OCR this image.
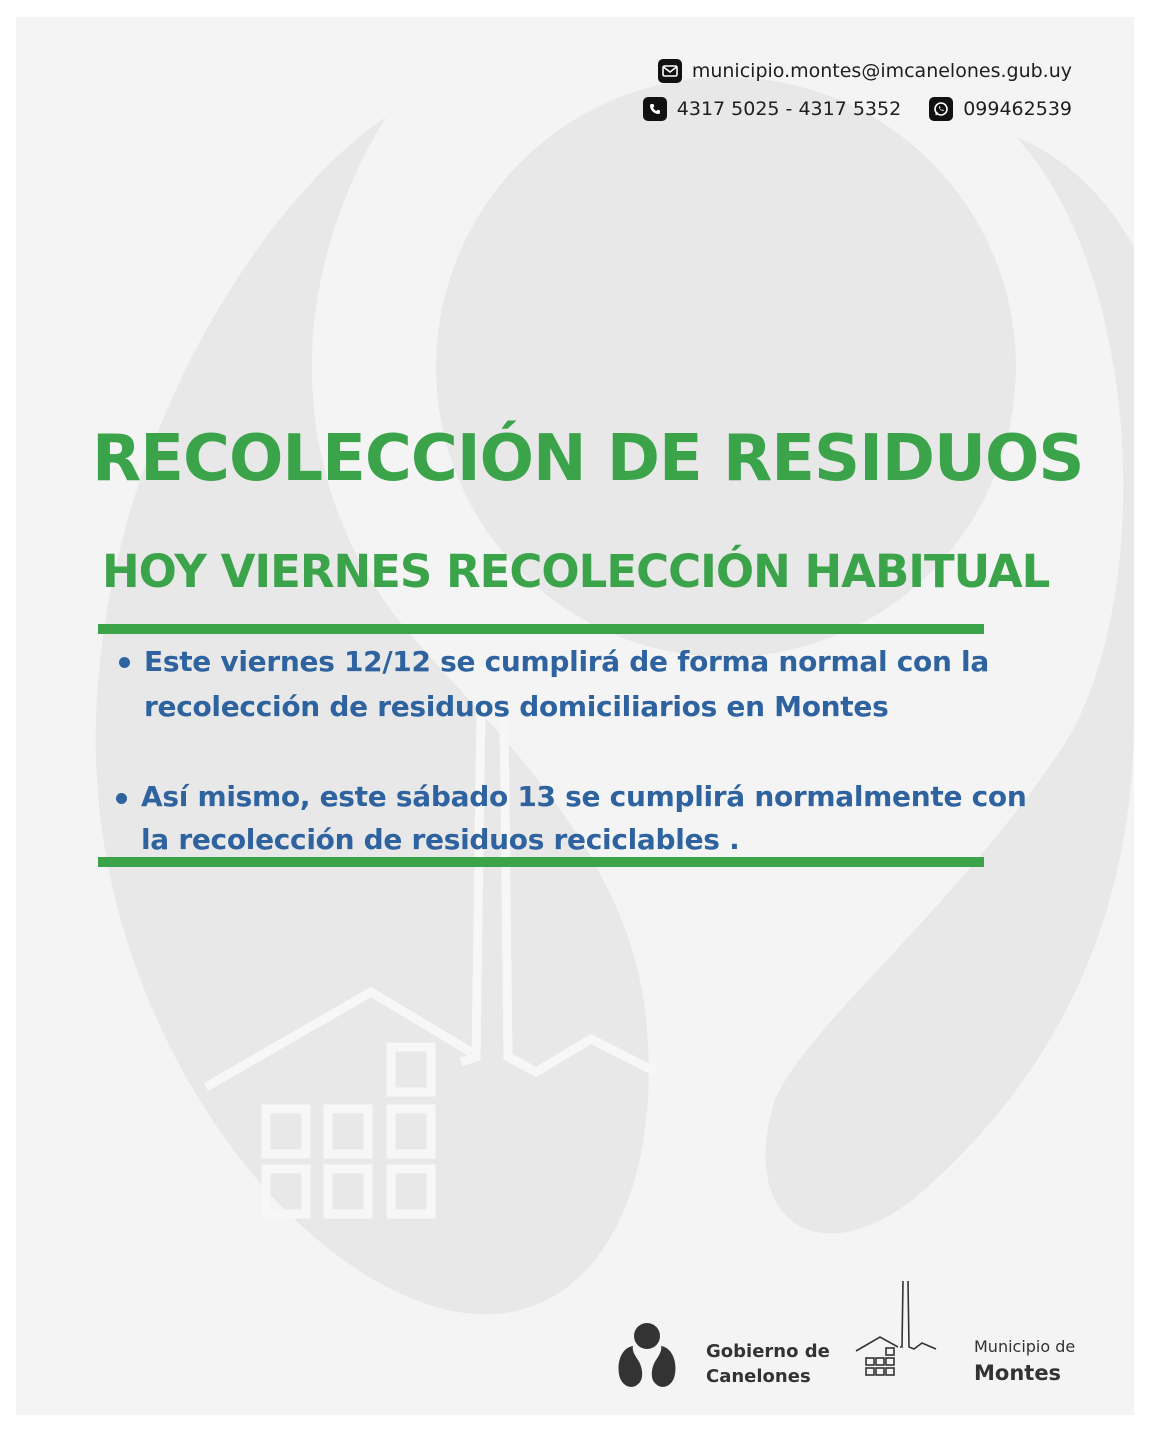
municipio.montes@imcanelones.gub.uy
4317 5025 - 4317 5352	099462539
RECOLECCIÓN DE RESIDUOS
HOY VIERNES RECOLECCIÓN HABITUAL
Este viernes 12/12 se cumplirá de forma normal con la recolección de residuos domiciliarios en Montes
Así mismo, este sábado 13 se cumplirá normalmente con la recolección de residuos reciclables .
Gobierno de
Canelones
Municipio de
Montes
